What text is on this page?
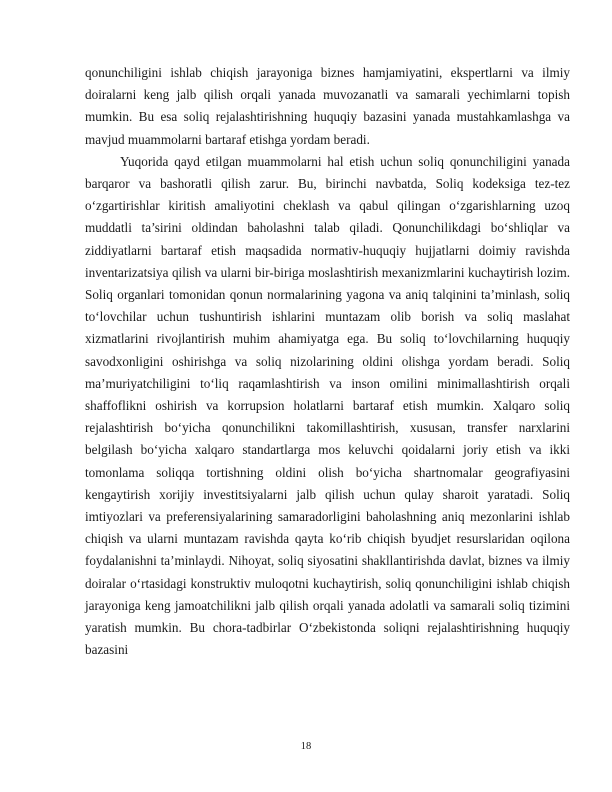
qonunchiligini ishlab chiqish jarayoniga biznes hamjamiyatini, ekspertlarni va ilmiy doiralarni keng jalb qilish orqali yanada muvozanatli va samarali yechimlarni topish mumkin. Bu esa soliq rejalashtirishning huquqiy bazasini yanada mustahkamlashga va mavjud muammolarni bartaraf etishga yordam beradi.

Yuqorida qayd etilgan muammolarni hal etish uchun soliq qonunchiligini yanada barqaror va bashoratli qilish zarur. Bu, birinchi navbatda, Soliq kodeksiga tez-tez o‘zgartirishlar kiritish amaliyotini cheklash va qabul qilingan o‘zgarishlarning uzoq muddatli ta’sirini oldindan baholashni talab qiladi. Qonunchilikdagi bo‘shliqlar va ziddiyatlarni bartaraf etish maqsadida normativ-huquqiy hujjatlarni doimiy ravishda inventarizatsiya qilish va ularni bir-biriga moslashtirish mexanizmlarini kuchaytirish lozim. Soliq organlari tomonidan qonun normalarining yagona va aniq talqinini ta’minlash, soliq to‘lovchilar uchun tushuntirish ishlarini muntazam olib borish va soliq maslahat xizmatlarini rivojlantirish muhim ahamiyatga ega. Bu soliq to‘lovchilarning huquqiy savodxonligini oshirishga va soliq nizolarining oldini olishga yordam beradi. Soliq ma’muriyatchiligini to‘liq raqamlashtirish va inson omilini minimallashtirish orqali shaffoflikni oshirish va korrupsion holatlarni bartaraf etish mumkin. Xalqaro soliq rejalashtirish bo‘yicha qonunchilikni takomillashtirish, xususan, transfer narxlarini belgilash bo‘yicha xalqaro standartlarga mos keluvchi qoidalarni joriy etish va ikki tomonlama soliqqa tortishning oldini olish bo‘yicha shartnomalar geografiyasini kengaytirish xorijiy investitsiyalarni jalb qilish uchun qulay sharoit yaratadi. Soliq imtiyozlari va preferensiyalarining samaradorligini baholashning aniq mezonlarini ishlab chiqish va ularni muntazam ravishda qayta ko‘rib chiqish byudjet resurslaridan oqilona foydalanishni ta’minlaydi. Nihoyat, soliq siyosatini shakllantirishda davlat, biznes va ilmiy doiralar o‘rtasidagi konstruktiv muloqotni kuchaytirish, soliq qonunchiligini ishlab chiqish jarayoniga keng jamoatchilikni jalb qilish orqali yanada adolatli va samarali soliq tizimini yaratish mumkin. Bu chora-tadbirlar O‘zbekistonda soliqni rejalashtirishning huquqiy bazasini

18
